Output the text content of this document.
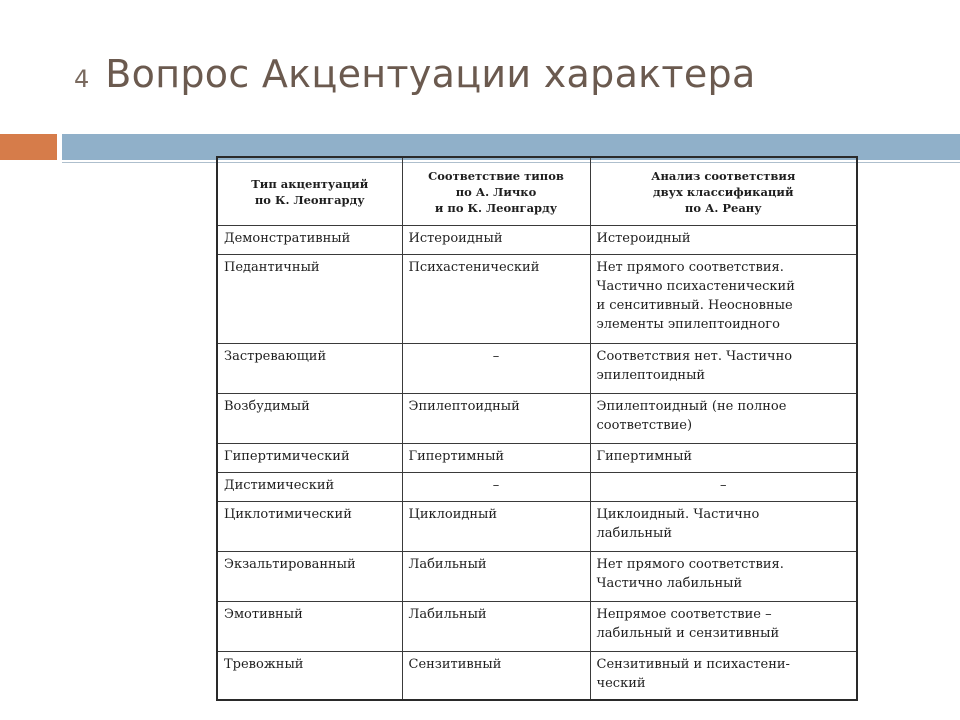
4 Вопрос Акцентуации характера
Тип акцентуаций
по К. Леонгарду	Соответствие типов
по А. Личко
и по К. Леонгарду	Анализ соответствия
двух классификаций
по А. Реану
Демонстративный	Истероидный	Истероидный
Педантичный	Психастенический	Нет прямого соответствия.
Частично психастенический
и сенситивный. Неосновные
элементы эпилептоидного
Застревающий	–	Соответствия нет. Частично
эпилептоидный
Возбудимый	Эпилептоидный	Эпилептоидный (не полное
соответствие)
Гипертимический	Гипертимный	Гипертимный
Дистимический	–	–
Циклотимический	Циклоидный	Циклоидный. Частично
лабильный
Экзальтированный	Лабильный	Нет прямого соответствия.
Частично лабильный
Эмотивный	Лабильный	Непрямое соответствие –
лабильный и сензитивный
Тревожный	Сензитивный	Сензитивный и психастени-
ческий
